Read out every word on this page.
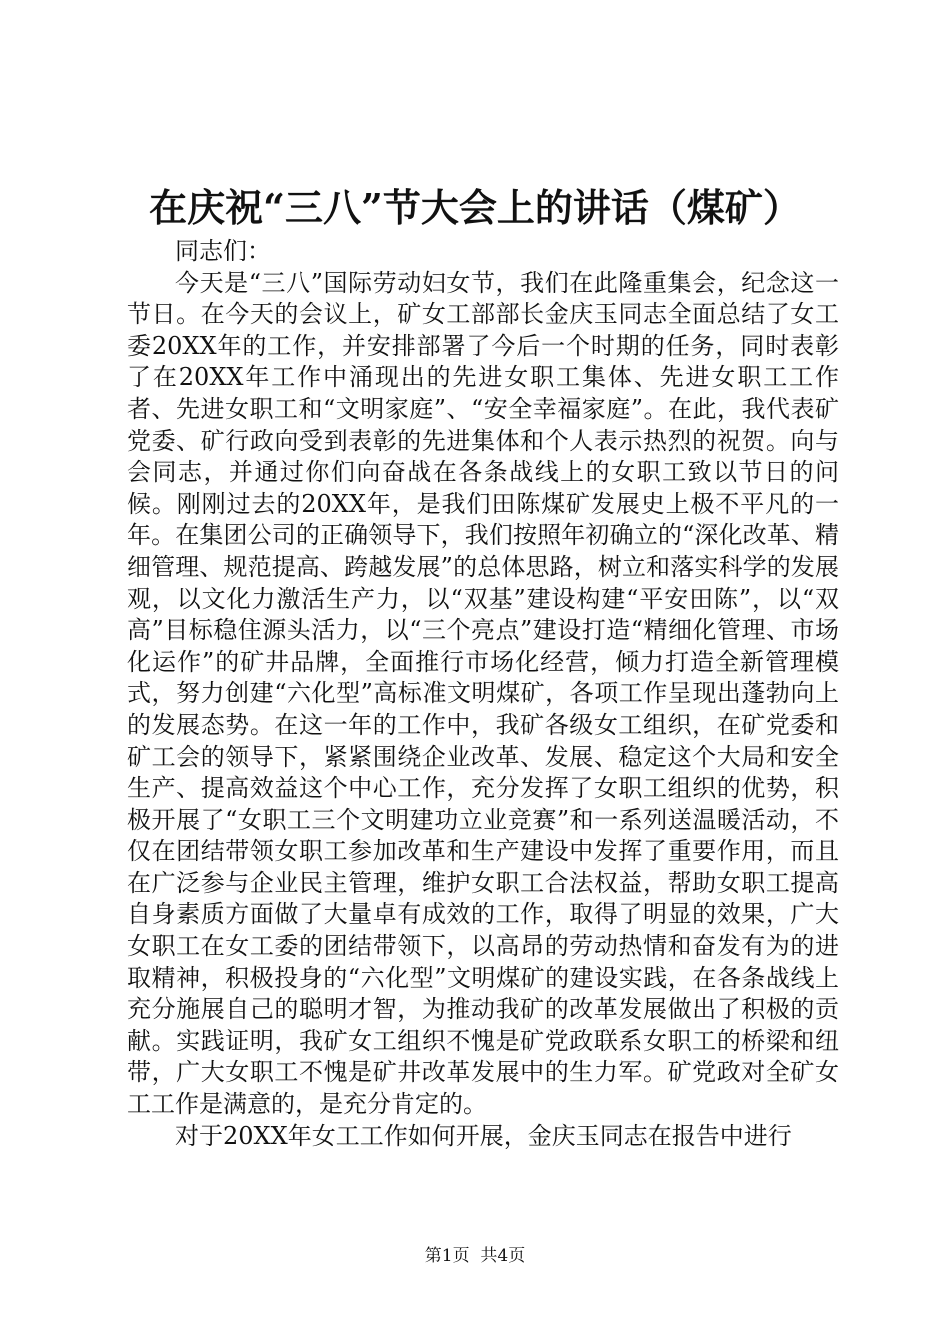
在庆祝“三八”节大会上的讲话（煤矿）

同志们：

今天是“三八”国际劳动妇女节，我们在此隆重集会，纪念这一节日。在今天的会议上，矿女工部部长金庆玉同志全面总结了女工委20XX年的工作，并安排部署了今后一个时期的任务，同时表彰了在20XX年工作中涌现出的先进女职工集体、先进女职工工作者、先进女职工和“文明家庭”、“安全幸福家庭”。在此，我代表矿党委、矿行政向受到表彰的先进集体和个人表示热烈的祝贺。向与会同志，并通过你们向奋战在各条战线上的女职工致以节日的问候。刚刚过去的20XX年，是我们田陈煤矿发展史上极不平凡的一年。在集团公司的正确领导下，我们按照年初确立的“深化改革、精细管理、规范提高、跨越发展”的总体思路，树立和落实科学的发展观，以文化力激活生产力，以“双基”建设构建“平安田陈”，以“双高”目标稳住源头活力，以“三个亮点”建设打造“精细化管理、市场化运作”的矿井品牌，全面推行市场化经营，倾力打造全新管理模式，努力创建“六化型”高标准文明煤矿，各项工作呈现出蓬勃向上的发展态势。在这一年的工作中，我矿各级女工组织，在矿党委和矿工会的领导下，紧紧围绕企业改革、发展、稳定这个大局和安全生产、提高效益这个中心工作，充分发挥了女职工组织的优势，积极开展了“女职工三个文明建功立业竞赛”和一系列送温暖活动，不仅在团结带领女职工参加改革和生产建设中发挥了重要作用，而且在广泛参与企业民主管理，维护女职工合法权益，帮助女职工提高自身素质方面做了大量卓有成效的工作，取得了明显的效果，广大女职工在女工委的团结带领下，以高昂的劳动热情和奋发有为的进取精神，积极投身的“六化型”文明煤矿的建设实践，在各条战线上充分施展自己的聪明才智，为推动我矿的改革发展做出了积极的贡献。实践证明，我矿女工组织不愧是矿党政联系女职工的桥梁和纽带，广大女职工不愧是矿井改革发展中的生力军。矿党政对全矿女工工作是满意的，是充分肯定的。

对于20XX年女工工作如何开展，金庆玉同志在报告中进行

第1页  共4页
